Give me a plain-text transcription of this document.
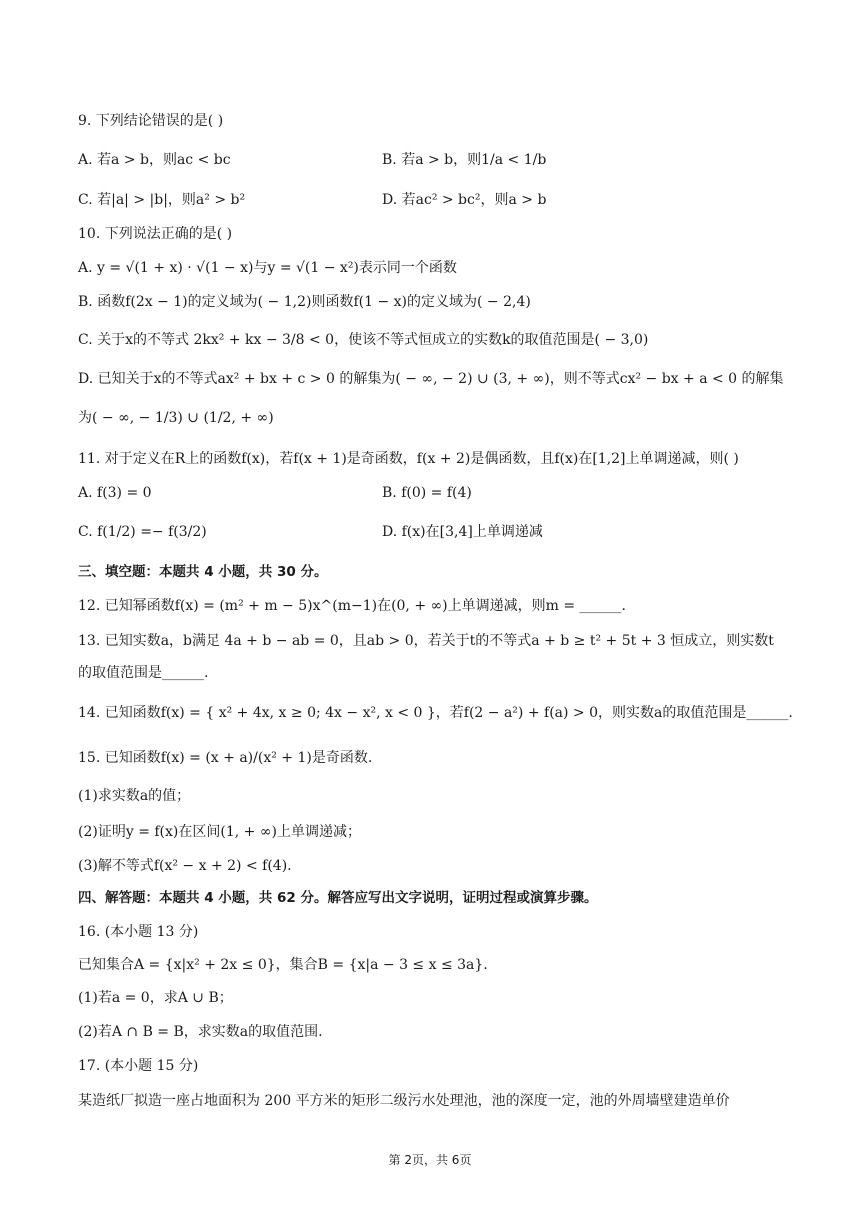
9. 下列结论错误的是( )
A. 若a > b，则ac < bc	B. 若a > b，则1/a < 1/b
C. 若|a| > |b|，则a² > b²	D. 若ac² > bc²，则a > b
10. 下列说法正确的是( )
A. y = √(1 + x) · √(1 − x)与y = √(1 − x²)表示同一个函数
B. 函数f(2x − 1)的定义域为( − 1,2)则函数f(1 − x)的定义域为( − 2,4)
C. 关于x的不等式 2kx² + kx − 3/8 < 0，使该不等式恒成立的实数k的取值范围是( − 3,0)
D. 已知关于x的不等式ax² + bx + c > 0 的解集为( − ∞, − 2) ∪ (3, + ∞)，则不等式cx² − bx + a < 0 的解集
为( − ∞, − 1/3) ∪ (1/2, + ∞)
11. 对于定义在R上的函数f(x)，若f(x + 1)是奇函数，f(x + 2)是偶函数，且f(x)在[1,2]上单调递减，则( )
A. f(3) = 0	B. f(0) = f(4)
C. f(1/2) =− f(3/2)	D. f(x)在[3,4]上单调递减
三、填空题：本题共 4 小题，共 30 分。
12. 已知幂函数f(x) = (m² + m − 5)x^(m−1)在(0, + ∞)上单调递减，则m = ______.
13. 已知实数a，b满足 4a + b − ab = 0，且ab > 0，若关于t的不等式a + b ≥ t² + 5t + 3 恒成立，则实数t
的取值范围是______.
14. 已知函数f(x) = { x² + 4x, x ≥ 0; 4x − x², x < 0 }，若f(2 − a²) + f(a) > 0，则实数a的取值范围是______.
15. 已知函数f(x) = (x + a)/(x² + 1)是奇函数.
(1)求实数a的值；
(2)证明y = f(x)在区间(1, + ∞)上单调递减；
(3)解不等式f(x² − x + 2) < f(4).
四、解答题：本题共 4 小题，共 62 分。解答应写出文字说明，证明过程或演算步骤。
16. (本小题 13 分)
已知集合A = {x|x² + 2x ≤ 0}，集合B = {x|a − 3 ≤ x ≤ 3a}.
(1)若a = 0，求A ∪ B；
(2)若A ∩ B = B，求实数a的取值范围.
17. (本小题 15 分)
某造纸厂拟造一座占地面积为 200 平方米的矩形二级污水处理池，池的深度一定，池的外周墙壁建造单价
第 2页，共 6页
